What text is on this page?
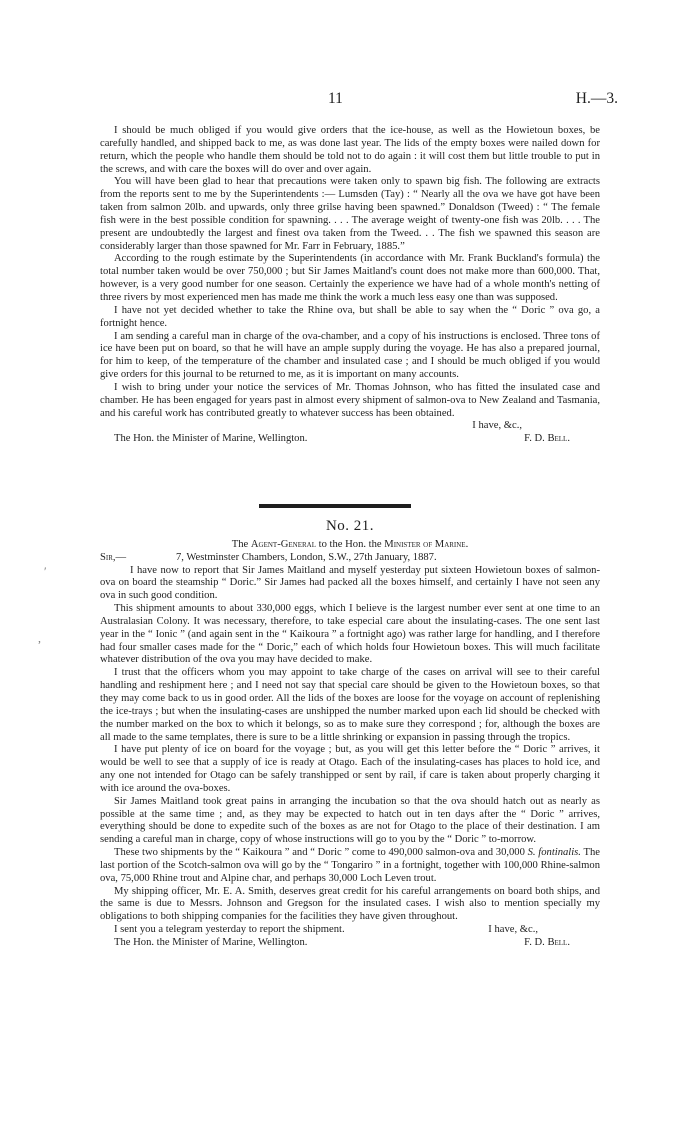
11	H.—3.

I should be much obliged if you would give orders that the ice-house, as well as the Howietoun boxes, be carefully handled, and shipped back to me, as was done last year. The lids of the empty boxes were nailed down for return, which the people who handle them should be told not to do again : it will cost them but little trouble to put in the screws, and with care the boxes will do over and over again.

You will have been glad to hear that precautions were taken only to spawn big fish. The following are extracts from the reports sent to me by the Superintendents :— Lumsden (Tay) : “ Nearly all the ova we have got have been taken from salmon 20lb. and upwards, only three grilse having been spawned.” Donaldson (Tweed) : “ The female fish were in the best possible condition for spawning. . . . The average weight of twenty-one fish was 20lb. . . . The present are undoubtedly the largest and finest ova taken from the Tweed. . . The fish we spawned this season are considerably larger than those spawned for Mr. Farr in February, 1885.”

According to the rough estimate by the Superintendents (in accordance with Mr. Frank Buckland's formula) the total number taken would be over 750,000 ; but Sir James Maitland's count does not make more than 600,000. That, however, is a very good number for one season. Certainly the experience we have had of a whole month's netting of three rivers by most experienced men has made me think the work a much less easy one than was supposed.

I have not yet decided whether to take the Rhine ova, but shall be able to say when the “ Doric ” ova go, a fortnight hence.

I am sending a careful man in charge of the ova-chamber, and a copy of his instructions is enclosed. Three tons of ice have been put on board, so that he will have an ample supply during the voyage. He has also a prepared journal, for him to keep, of the temperature of the chamber and insulated case ; and I should be much obliged if you would give orders for this journal to be returned to me, as it is important on many accounts.

I wish to bring under your notice the services of Mr. Thomas Johnson, who has fitted the insulated case and chamber. He has been engaged for years past in almost every shipment of salmon-ova to New Zealand and Tasmania, and his careful work has contributed greatly to whatever success has been obtained.

I have, &c.,
The Hon. the Minister of Marine, Wellington.	F. D. Bell.
No. 21.
The Agent-General to the Hon. the Minister of Marine.
Sir,—	7, Westminster Chambers, London, S.W., 27th January, 1887.

I have now to report that Sir James Maitland and myself yesterday put sixteen Howietoun boxes of salmon-ova on board the steamship “ Doric.” Sir James had packed all the boxes himself, and certainly I have not seen any ova in such good condition.

This shipment amounts to about 330,000 eggs, which I believe is the largest number ever sent at one time to an Australasian Colony. It was necessary, therefore, to take especial care about the insulating-cases. The one sent last year in the “ Ionic ” (and again sent in the “ Kaikoura ” a fortnight ago) was rather large for handling, and I therefore had four smaller cases made for the “ Doric,” each of which holds four Howietoun boxes. This will much facilitate whatever distribution of the ova you may have decided to make.

I trust that the officers whom you may appoint to take charge of the cases on arrival will see to their careful handling and reshipment here ; and I need not say that special care should be given to the Howietoun boxes, so that they may come back to us in good order. All the lids of the boxes are loose for the voyage on account of replenishing the ice-trays ; but when the insulating-cases are unshipped the number marked upon each lid should be checked with the number marked on the box to which it belongs, so as to make sure they correspond ; for, although the boxes are all made to the same templates, there is sure to be a little shrinking or expansion in passing through the tropics.

I have put plenty of ice on board for the voyage ; but, as you will get this letter before the “ Doric ” arrives, it would be well to see that a supply of ice is ready at Otago. Each of the insulating-cases has places to hold ice, and any one not intended for Otago can be safely transhipped or sent by rail, if care is taken about properly charging it with ice around the ova-boxes.

Sir James Maitland took great pains in arranging the incubation so that the ova should hatch out as nearly as possible at the same time ; and, as they may be expected to hatch out in ten days after the “ Doric ” arrives, everything should be done to expedite such of the boxes as are not for Otago to the place of their destination. I am sending a careful man in charge, copy of whose instructions will go to you by the “ Doric ” to-morrow.

These two shipments by the “ Kaikoura ” and “ Doric ” come to 490,000 salmon-ova and 30,000 S. fontinalis. The last portion of the Scotch-salmon ova will go by the “ Tongariro ” in a fortnight, together with 100,000 Rhine-salmon ova, 75,000 Rhine trout and Alpine char, and perhaps 30,000 Loch Leven trout.

My shipping officer, Mr. E. A. Smith, deserves great credit for his careful arrangements on board both ships, and the same is due to Messrs. Johnson and Gregson for the insulated cases. I wish also to mention specially my obligations to both shipping companies for the facilities they have given throughout.

I sent you a telegram yesterday to report the shipment.	I have, &c.,
The Hon. the Minister of Marine, Wellington.	F. D. Bell.
′
,
